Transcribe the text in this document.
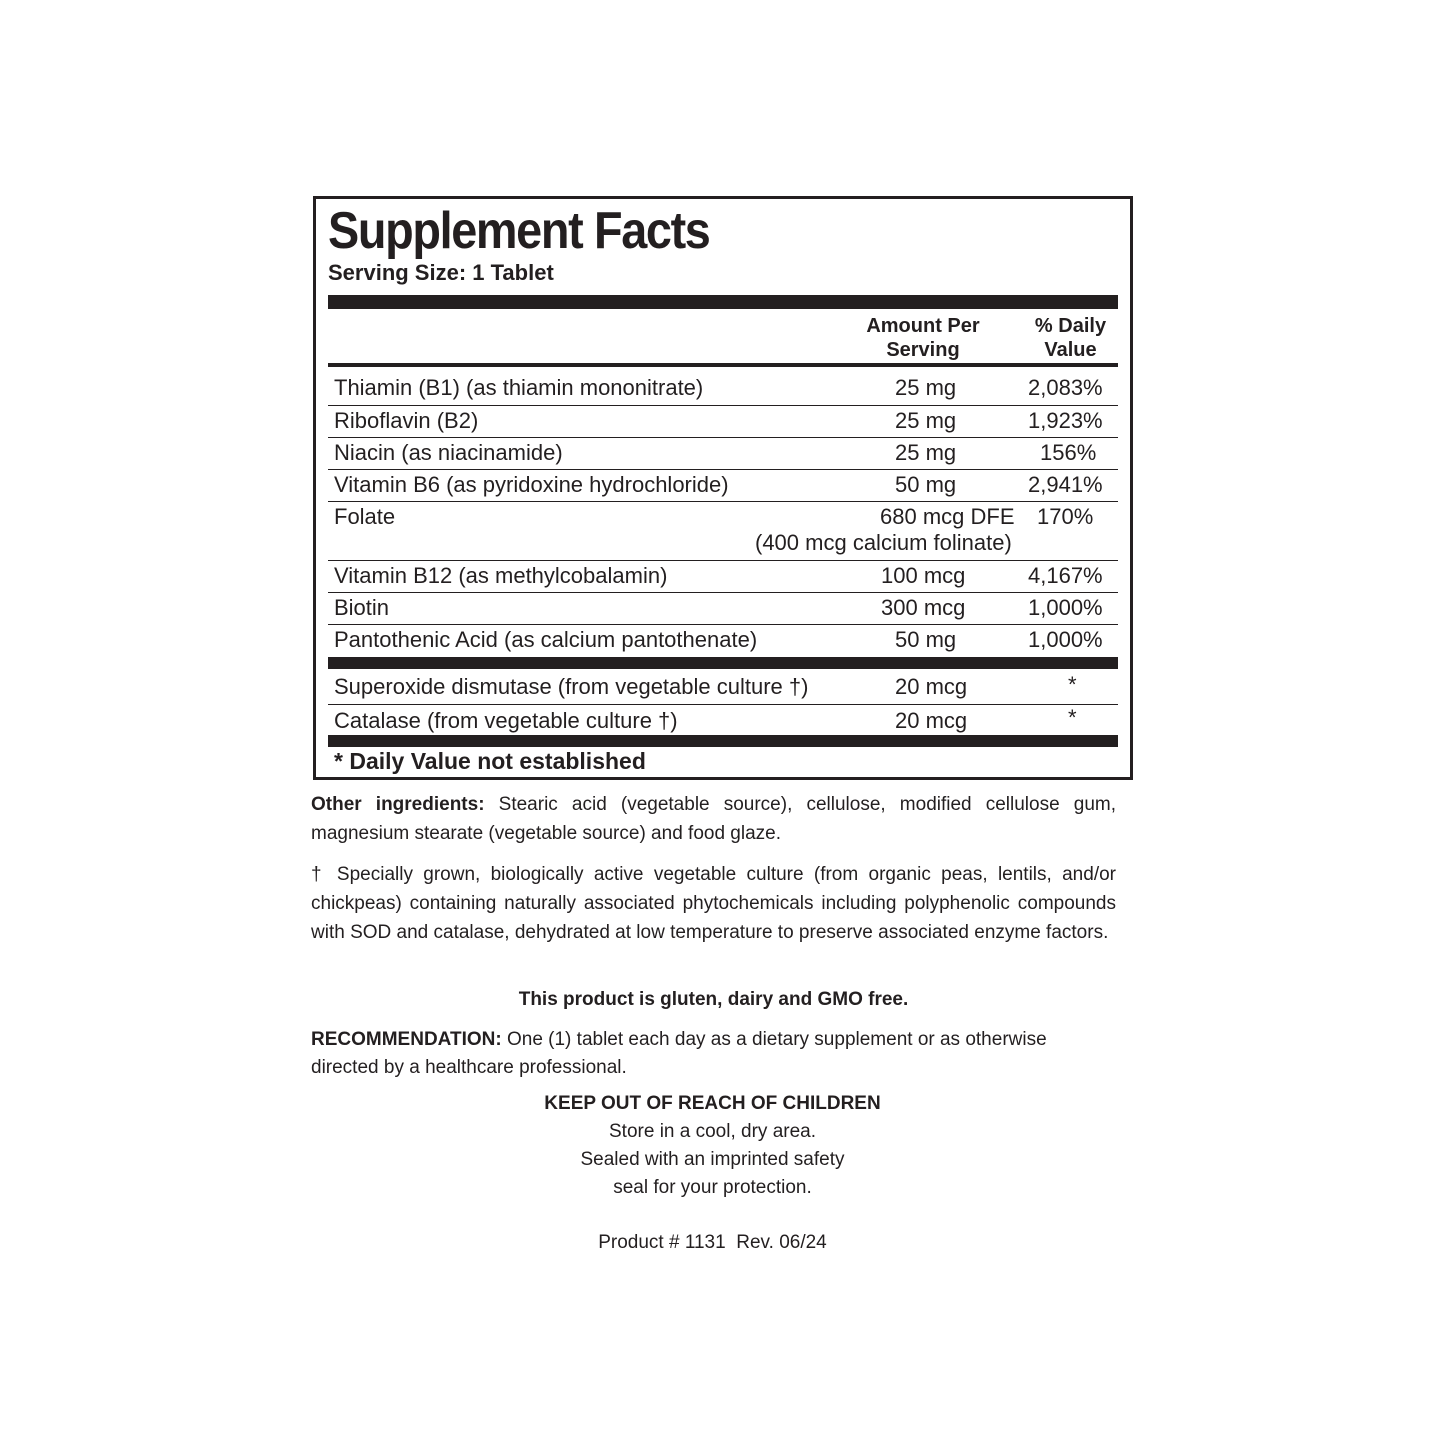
Supplement Facts
Serving Size: 1 Tablet
Amount Per
Serving
% Daily
Value
Thiamin (B1) (as thiamin mononitrate)	25 mg	2,083%
Riboflavin (B2)	25 mg	1,923%
Niacin (as niacinamide)	25 mg	156%
Vitamin B6 (as pyridoxine hydrochloride)	50 mg	2,941%
Folate	680 mcg DFE 170%
(400 mcg calcium folinate)
Vitamin B12 (as methylcobalamin)	100 mcg	4,167%
Biotin	300 mcg	1,000%
Pantothenic Acid (as calcium pantothenate)	50 mg	1,000%
Superoxide dismutase (from vegetable culture †)	20 mcg	*
Catalase (from vegetable culture †)	20 mcg	*
* Daily Value not established
Other ingredients: Stearic acid (vegetable source), cellulose, modified cellulose gum, magnesium stearate (vegetable source) and food glaze.
† Specially grown, biologically active vegetable culture (from organic peas, lentils, and/or chickpeas) containing naturally associated phytochemicals including polyphenolic compounds with SOD and catalase, dehydrated at low temperature to preserve associated enzyme factors.
This product is gluten, dairy and GMO free.
RECOMMENDATION: One (1) tablet each day as a dietary supplement or as otherwise
directed by a healthcare professional.
KEEP OUT OF REACH OF CHILDREN
Store in a cool, dry area.
Sealed with an imprinted safety
seal for your protection.
Product # 1131  Rev. 06/24
